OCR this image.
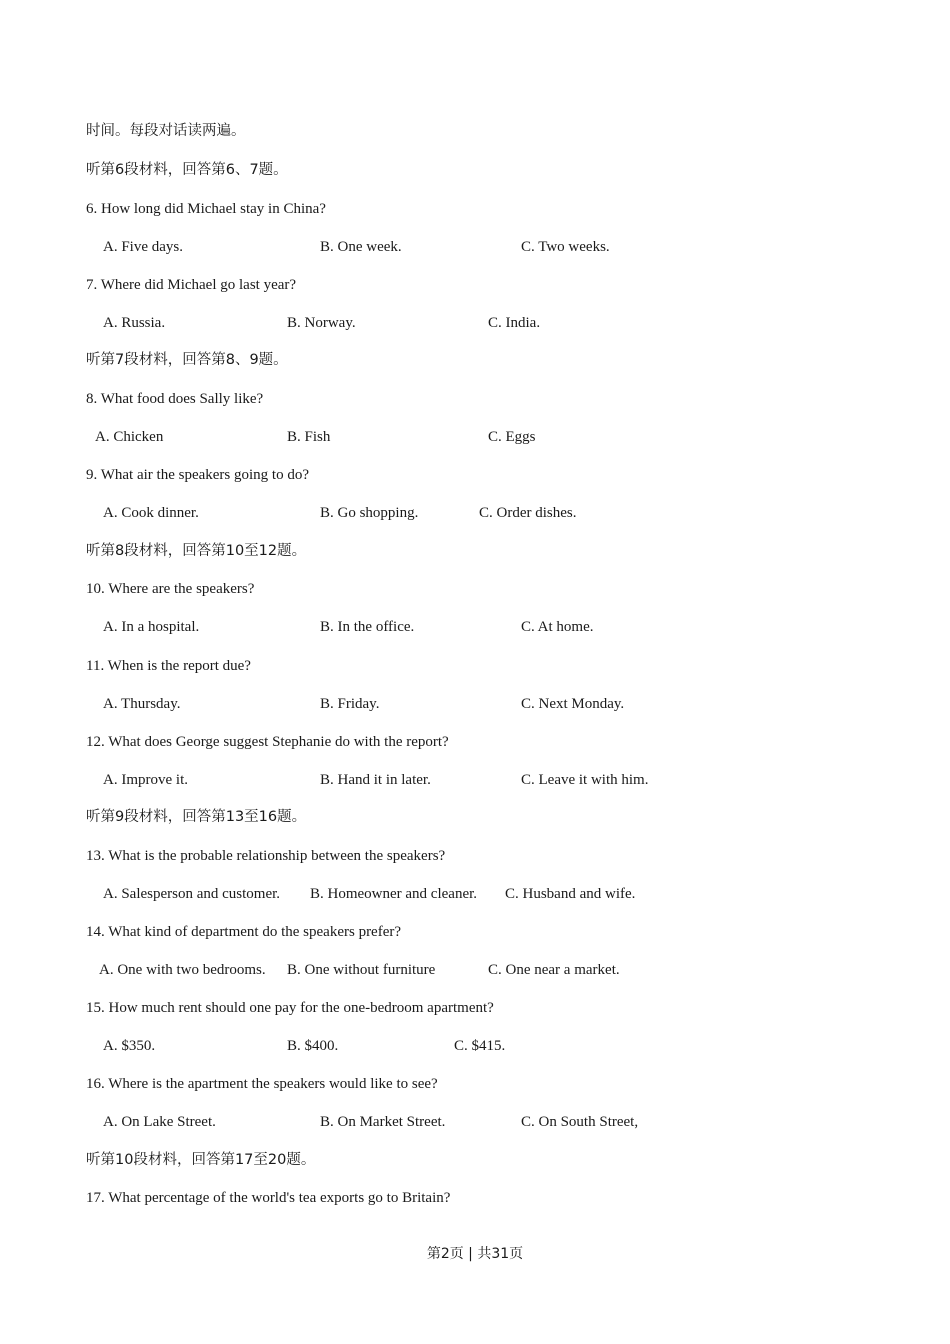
时间。每段对话读两遍。
听第6段材料，回答第6、7题。
6. How long did Michael stay in China?
A. Five days.	B. One week.	C. Two weeks.
7. Where did Michael go last year?
A. Russia.	B. Norway.	C. India.
听第7段材料，回答第8、9题。
8. What food does Sally like?
A. Chicken	B. Fish	C. Eggs
9. What air the speakers going to do?
A. Cook dinner.	B. Go shopping.	C. Order dishes.
听第8段材料，回答第10至12题。
10. Where are the speakers?
A. In a hospital.	B. In the office.	C. At home.
11. When is the report due?
A. Thursday.	B. Friday.	C. Next Monday.
12. What does George suggest Stephanie do with the report?
A. Improve it.	B. Hand it in later.	C. Leave it with him.
听第9段材料，回答第13至16题。
13. What is the probable relationship between the speakers?
A. Salesperson and customer. B. Homeowner and cleaner. C. Husband and wife.
14. What kind of department do the speakers prefer?
A. One with two bedrooms. B. One without furniture	C. One near a market.
15. How much rent should one pay for the one-bedroom apartment?
A. $350.	B. $400.	C. $415.
16. Where is the apartment the speakers would like to see?
A. On Lake Street.	B. On Market Street.	C. On South Street,
听第10段材料，回答第17至20题。
17. What percentage of the world's tea exports go to Britain?
第2页 | 共31页
